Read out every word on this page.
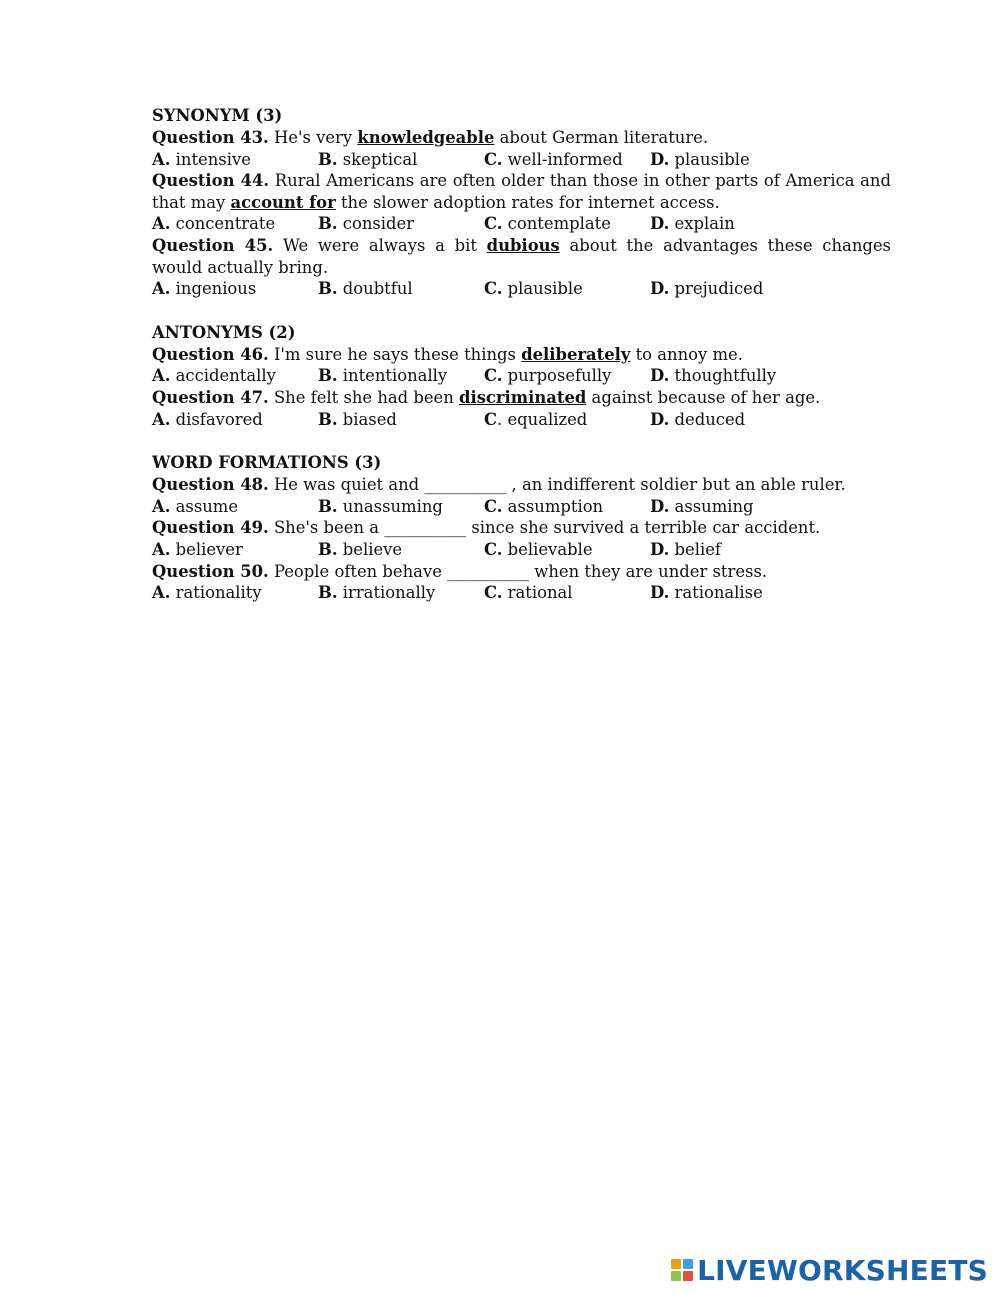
SYNONYM (3)
Question 43. He's very knowledgeable about German literature.
A. intensive	B. skeptical	C. well-informed	D. plausible
Question 44. Rural Americans are often older than those in other parts of America and that may account for the slower adoption rates for internet access.
A. concentrate	B. consider	C. contemplate	D. explain
Question 45. We were always a bit dubious about the advantages these changes would actually bring.
A. ingenious	B. doubtful	C. plausible	D. prejudiced
ANTONYMS (2)
Question 46. I'm sure he says these things deliberately to annoy me.
A. accidentally	B. intentionally	C. purposefully	D. thoughtfully
Question 47. She felt she had been discriminated against because of her age.
A. disfavored	B. biased	C. equalized	D. deduced
WORD FORMATIONS (3)
Question 48. He was quiet and __________ , an indifferent soldier but an able ruler.
A. assume	B. unassuming	C. assumption	D. assuming
Question 49. She's been a __________ since she survived a terrible car accident.
A. believer	B. believe	C. believable	D. belief
Question 50. People often behave __________ when they are under stress.
A. rationality	B. irrationally	C. rational	D. rationalise
LIVEWORKSHEETS
